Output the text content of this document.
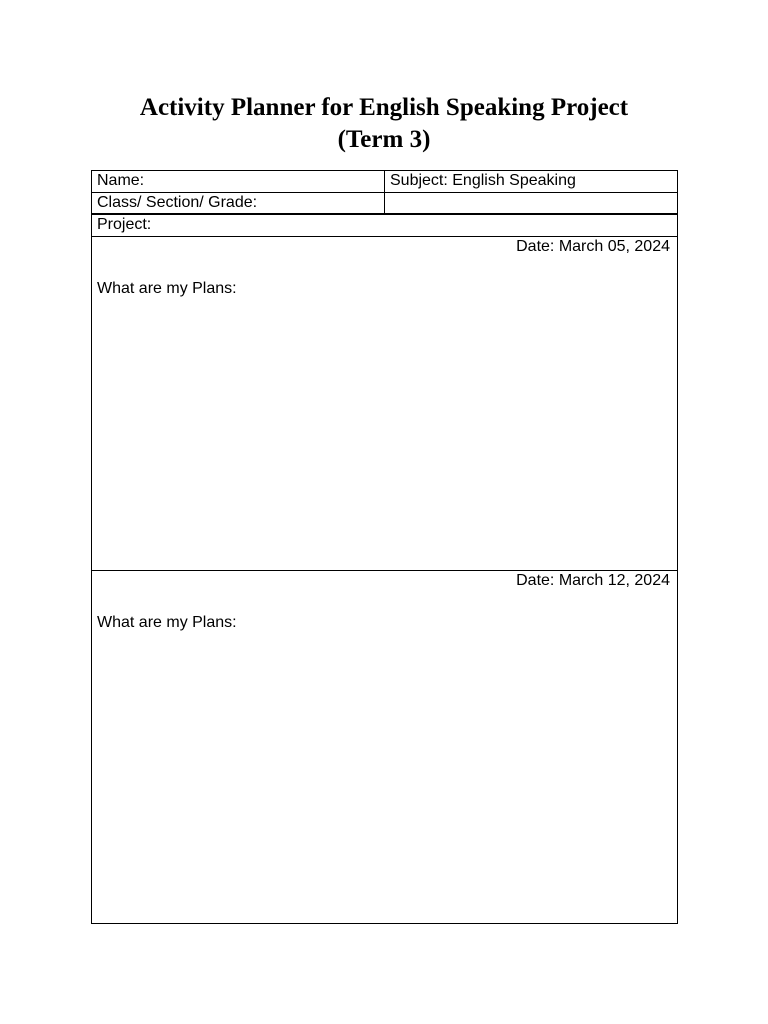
Activity Planner for English Speaking Project
(Term 3)
Name:	Subject: English Speaking
Class/ Section/ Grade:
Project:
Date: March 05, 2024
What are my Plans:
Date: March 12, 2024
What are my Plans:
